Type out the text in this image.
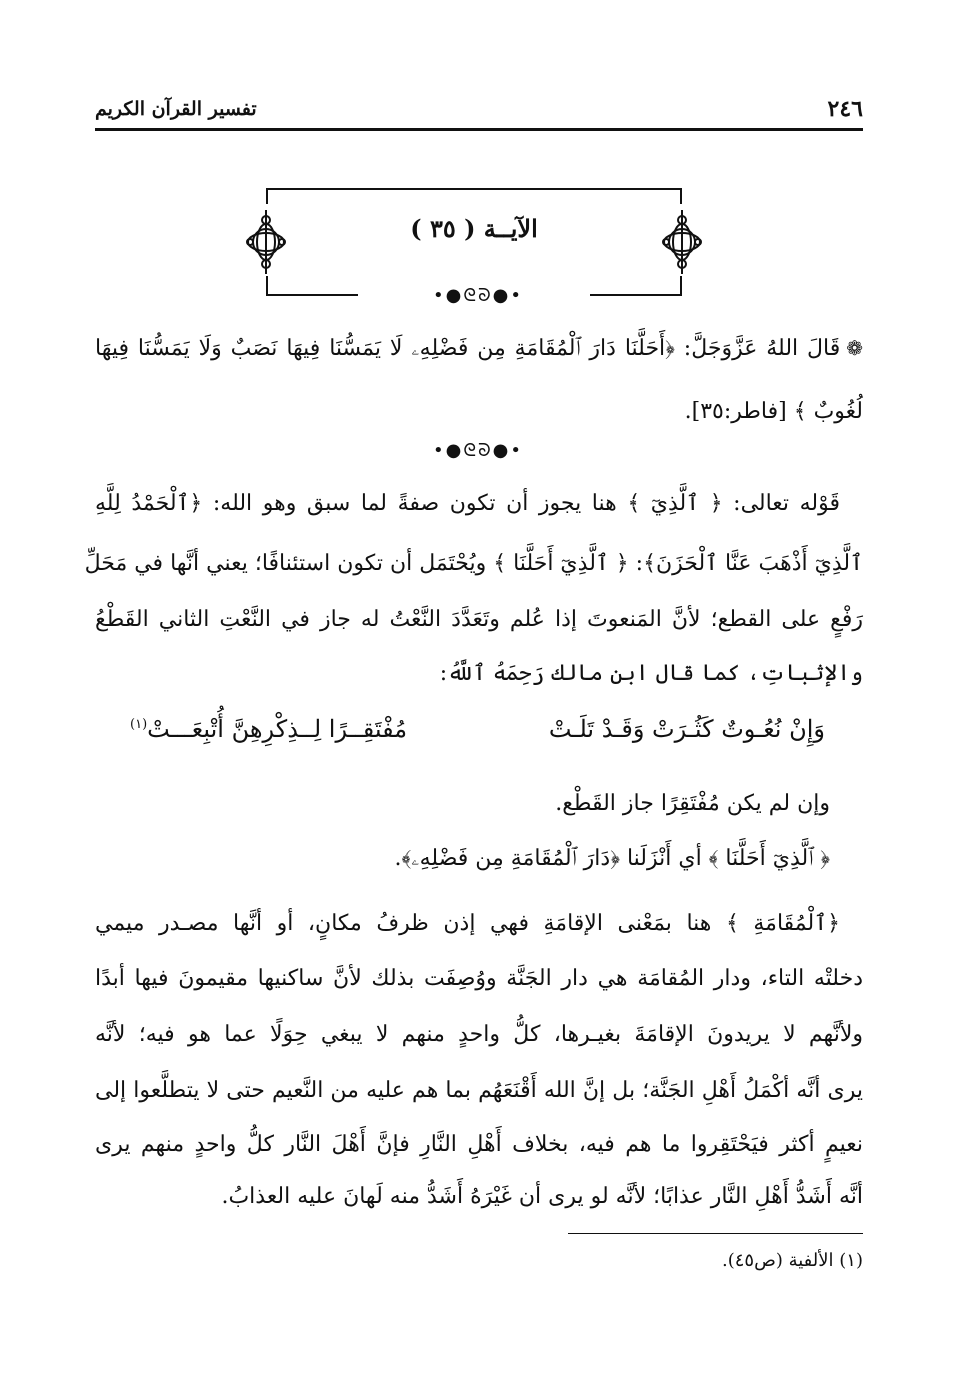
٢٤٦
تفسير القرآن الكريم
الآيــة ( ٣٥ )
•●ᘓᘐ●•
❁قَالَ اللهُ عَزَّوَجَلَّ: ﴿أَحَلَّنَا دَارَ ٱلْمُقَامَةِ مِن فَضْلِهِۦ لَا يَمَسُّنَا فِيهَا نَصَبٌ وَلَا يَمَسُّنَا فِيهَا
لُغُوبٌ ﴾ [فاطر:٣٥].
•●ᘓᘐ●•
قَوْله تعالى: ﴿ ٱلَّذِيٓ ﴾ هنا يجوز أن تكون صفةً لما سبق وهو الله: ﴿ٱلْحَمْدُ لِلَّهِ
ٱلَّذِيٓ أَذْهَبَ عَنَّا ٱلْحَزَنَ﴾: ﴿ ٱلَّذِيٓ أَحَلَّنَا ﴾ ويُحْتَمَل أن تكون استئنافًا؛ يعني أنَّها في مَحَلِّ
رَفْعٍ على القطع؛ لأنَّ المَنعوتَ إذا عُلم وتَعَدَّدَ النَّعْتُ له جاز في النَّعْتِ الثاني القَطْعُ
والإثباتِ، كما قال ابن مالك رَحِمَهُ ٱللَّهُ:
وَإِنْ نُعُـوتٌ كَثُـرَتْ وَقَـدْ تَلَـتْ
مُفْتَقِــرًا لِــذِكْرِهِنَّ أُتْبِعَـــتْ$^{(١)}$
وإن لم يكن مُفْتَقِرًا جاز القَطْع.
﴿ ٱلَّذِيٓ أَحَلَّنَا ﴾ أي أَنْزَلَنا ﴿دَارَ ٱلْمُقَامَةِ مِن فَضْلِهِۦ﴾.
﴿ٱلْمُقَامَةِ ﴾ هنا بمَعْنى الإقامَةِ فهي إذن ظرفُ مكانٍ، أو أنَّها مصـدر ميمي
دخلتْه التاء، ودار المُقامَة هي دار الجَنَّة ووُصِفَت بذلك لأنَّ ساكنيها مقيمونَ فيها أبدًا
ولأنَّهم لا يريدونَ الإقامَةَ بغيـرها، كلُّ واحدٍ منهم لا يبغي حِوَلًا عما هو فيه؛ لأنَّه
يرى أنَّه أكْمَلُ أَهْلِ الجَنَّة؛ بل إنَّ الله أَقْنَعَهُم بما هم عليه من النَّعيم حتى لا يتطلَّعوا إلى
نعيمٍ أكثر فيَحْتَقِروا ما هم فيه، بخلاف أَهْلِ النَّارِ فإنَّ أَهْلَ النَّار كلُّ واحدٍ منهم يرى
أنَّه أَشَدُّ أَهْلِ النَّار عذابًا؛ لأنَّه لو يرى أن غَيْرَهُ أَشَدُّ منه لَهانَ عليه العذابُ.
(١) الألفية (ص٤٥).
